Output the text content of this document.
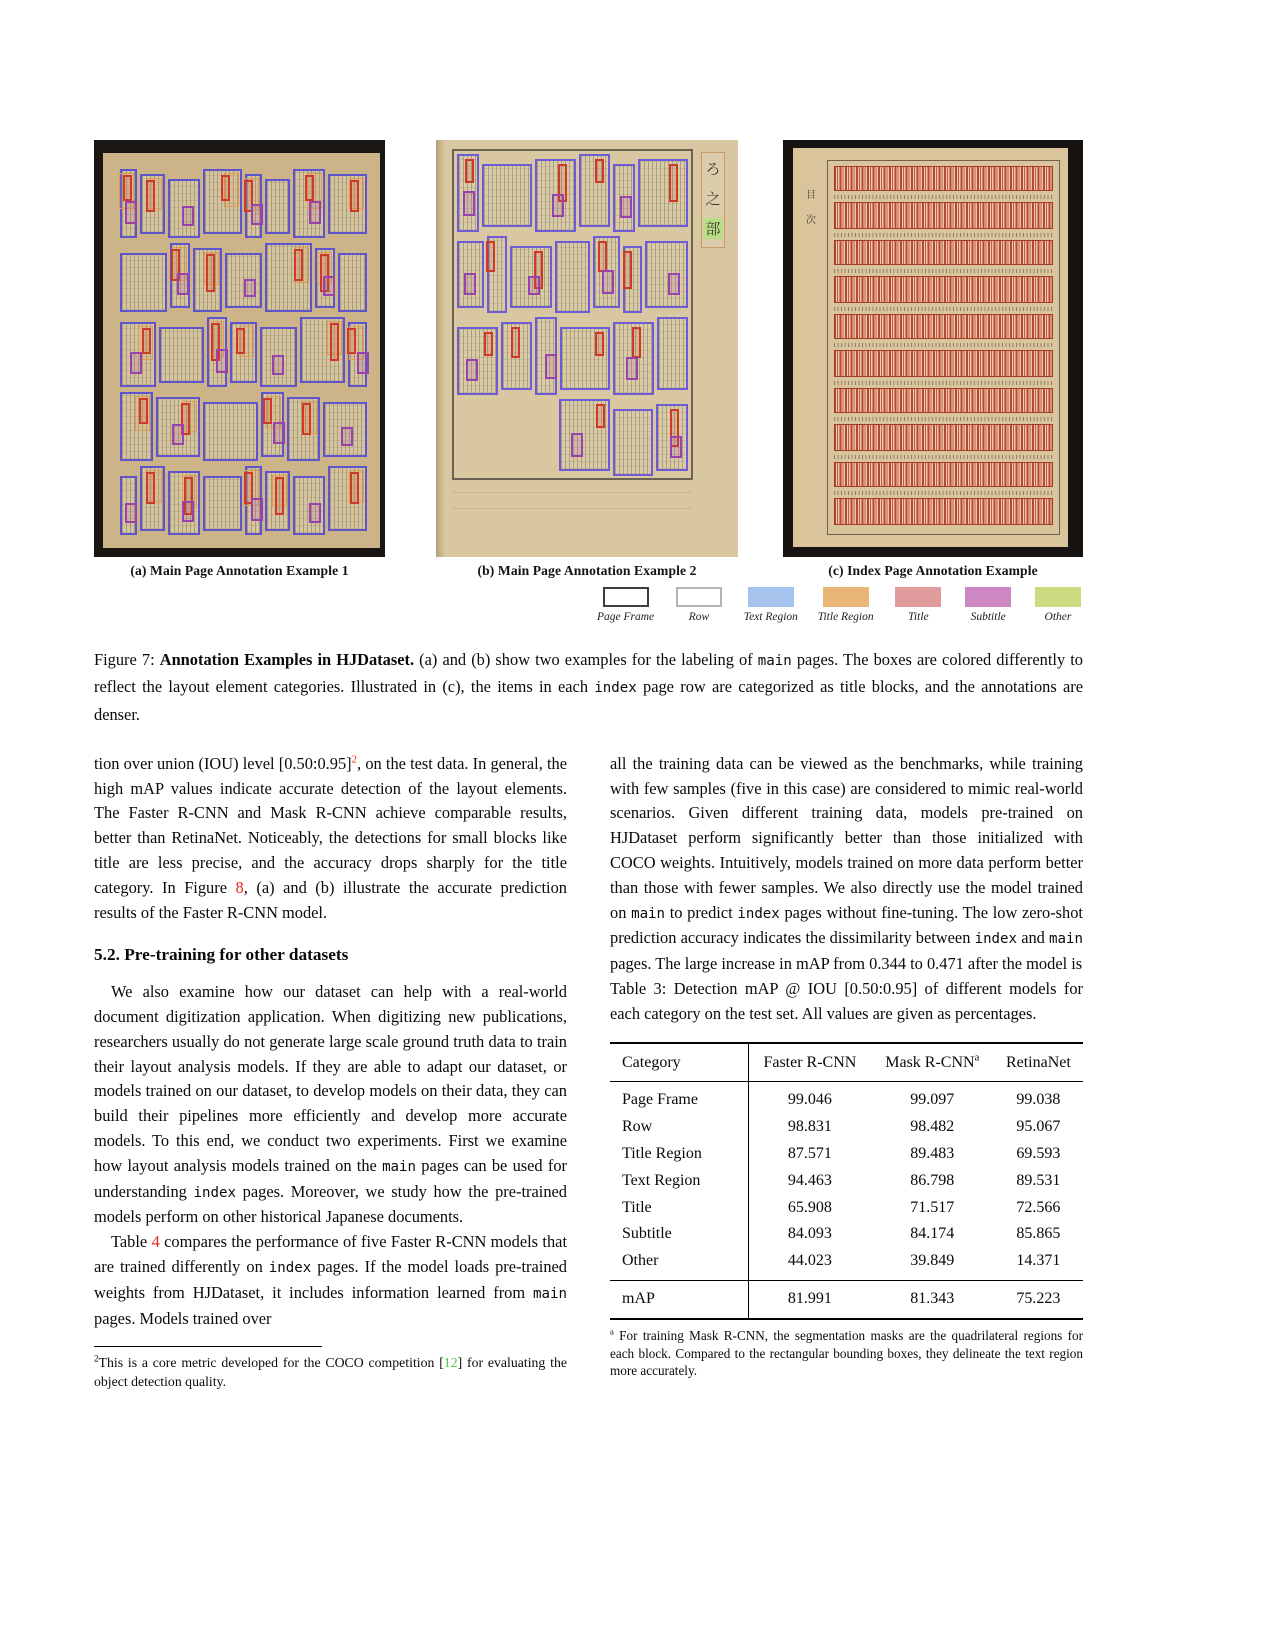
ろ
之
部
目
次
(a) Main Page Annotation Example 1	(b) Main Page Annotation Example 2	(c) Index Page Annotation Example
Page Frame	Row	Text Region Title Region	Title	Subtitle	Other
Figure 7: Annotation Examples in HJDataset. (a) and (b) show two examples for the labeling of main pages. The boxes are colored differently to reflect the layout element categories. Illustrated in (c), the items in each index page row are categorized as title blocks, and the annotations are denser.

tion over union (IOU) level [0.50:0.95]$^2$, on the test data. In general, the high mAP values indicate accurate detection of the layout elements. The Faster R-CNN and Mask R-CNN achieve comparable results, better than RetinaNet. Noticeably, the detections for small blocks like title are less precise, and the accuracy drops sharply for the title category. In Figure 8, (a) and (b) illustrate the accurate prediction results of the Faster R-CNN model.

5.2. Pre-training for other datasets

We also examine how our dataset can help with a real-world document digitization application. When digitizing new publications, researchers usually do not generate large scale ground truth data to train their layout analysis models. If they are able to adapt our dataset, or models trained on our dataset, to develop models on their data, they can build their pipelines more efficiently and develop more accurate models. To this end, we conduct two experiments. First we examine how layout analysis models trained on the main pages can be used for understanding index pages. Moreover, we study how the pre-trained models perform on other historical Japanese documents.

Table 4 compares the performance of five Faster R-CNN models that are trained differently on index pages. If the model loads pre-trained weights from HJDataset, it includes information learned from main pages. Models trained over

$^2$This is a core metric developed for the COCO competition [12] for evaluating the object detection quality.

all the training data can be viewed as the benchmarks, while training with few samples (five in this case) are considered to mimic real-world scenarios. Given different training data, models pre-trained on HJDataset perform significantly better than those initialized with COCO weights. Intuitively, models trained on more data perform better than those with fewer samples. We also directly use the model trained on main to predict index pages without fine-tuning. The low zero-shot prediction accuracy indicates the dissimilarity between index and main pages. The large increase in mAP from 0.344 to 0.471 after the model is

Table 3: Detection mAP @ IOU [0.50:0.95] of different models for each category on the test set. All values are given as percentages.

Category	Faster R-CNN	Mask R-CNN$^a$	RetinaNet
Page Frame	99.046	99.097	99.038
Row	98.831	98.482	95.067
Title Region	87.571	89.483	69.593
Text Region	94.463	86.798	89.531
Title	65.908	71.517	72.566
Subtitle	84.093	84.174	85.865
Other	44.023	39.849	14.371
mAP	81.991	81.343	75.223
$^a$ For training Mask R-CNN, the segmentation masks are the quadrilateral regions for each block. Compared to the rectangular bounding boxes, they delineate the text region more accurately.
